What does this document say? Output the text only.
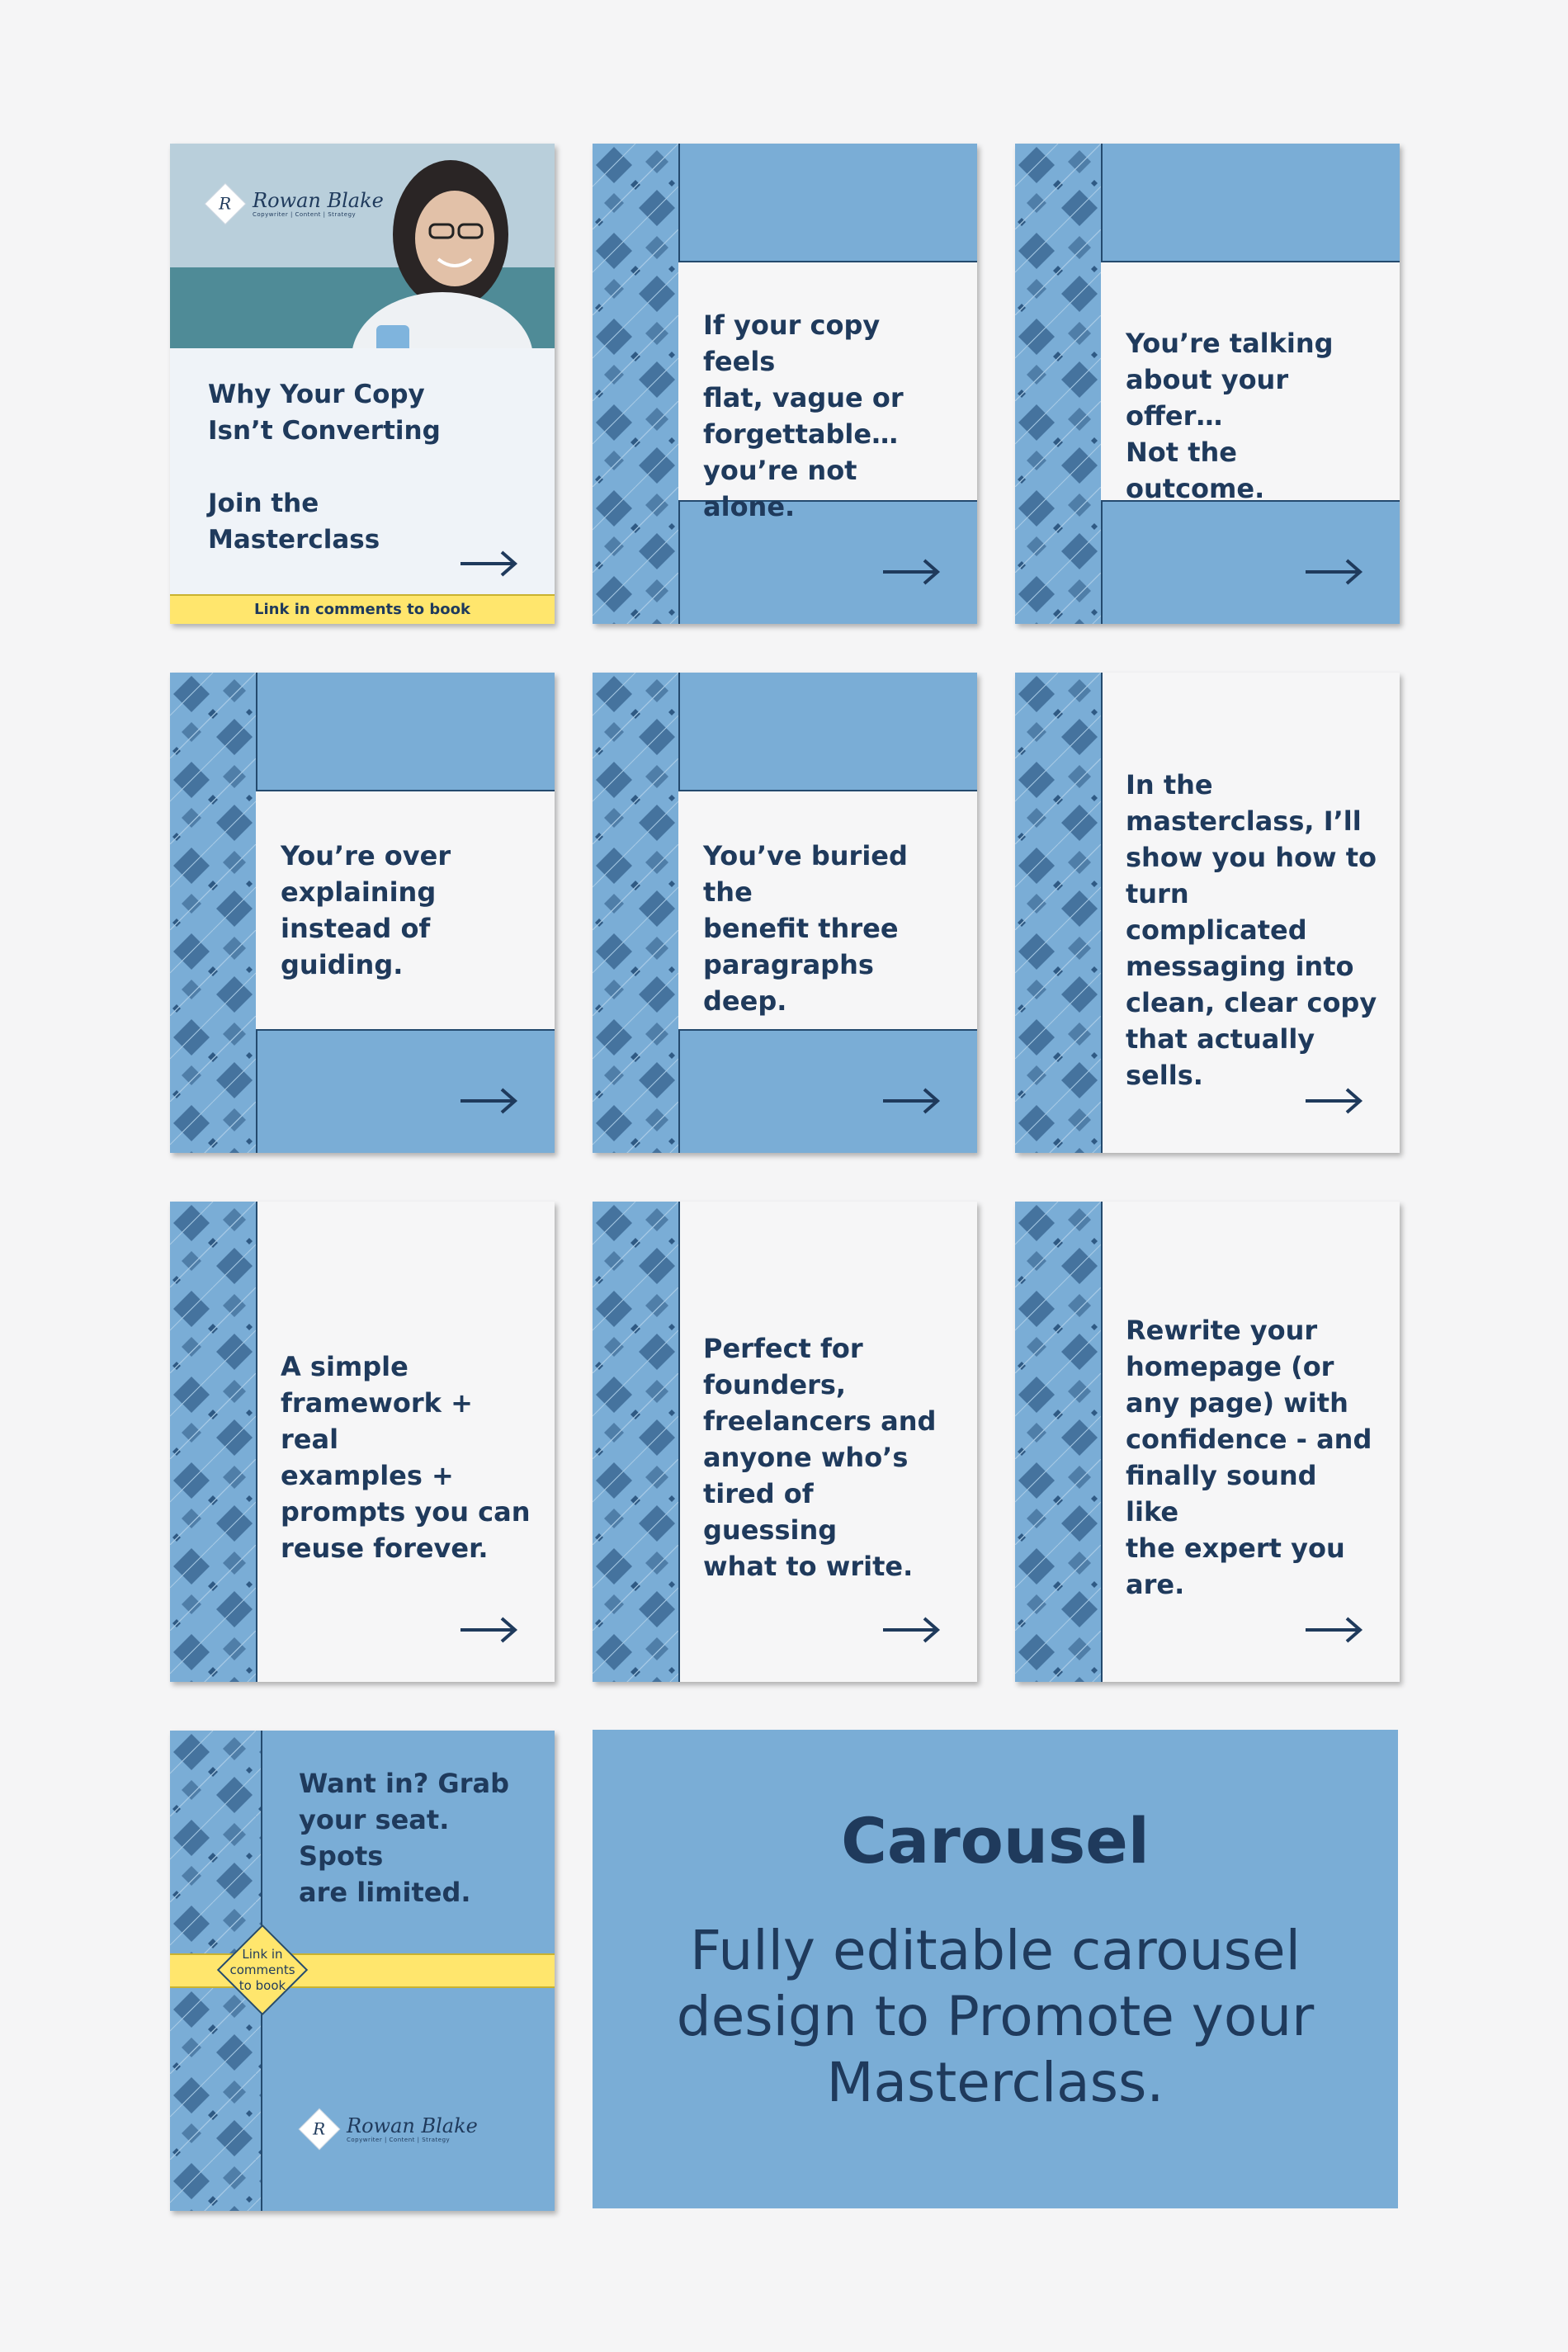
R Rowan Blake
Copywriter | Content | Strategy
Why Your Copy
Isn’t Converting
Join the
Masterclass
Link in comments to book
If your copy feels
flat, vague or
forgettable…
you’re not alone.
You’re talking
about your offer…
Not the outcome.
You’re over
explaining
instead of
guiding.
You’ve buried the
benefit three
paragraphs
deep.
In the
masterclass, I’ll
show you how to
turn complicated
messaging into
clean, clear copy
that actually
sells.
A simple
framework + real
examples +
prompts you can
reuse forever.
Perfect for
founders,
freelancers and
anyone who’s
tired of guessing
what to write.
Rewrite your
homepage (or
any page) with
confidence - and
finally sound like
the expert you
are.
Want in? Grab
your seat. Spots
are limited.
Link in
comments
to book
R Rowan Blake
Copywriter | Content | Strategy
Carousel
Fully editable carousel design to Promote your Masterclass.
